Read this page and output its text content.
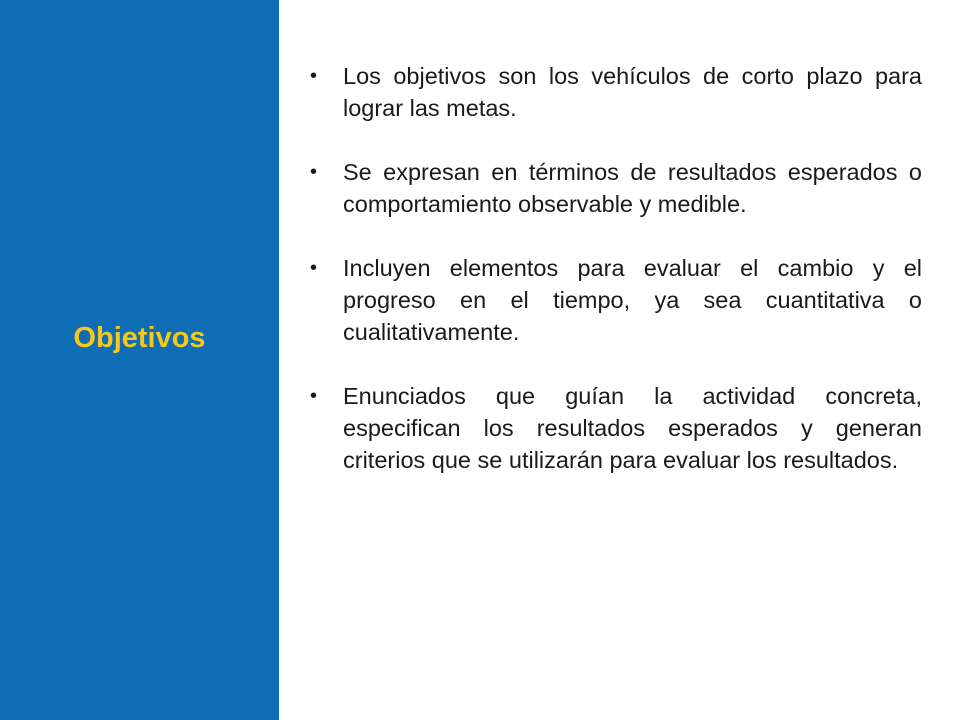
Objetivos
• Los objetivos son los vehículos de corto plazo para lograr las metas.
• Se expresan en términos de resultados esperados o comportamiento observable y medible.
• Incluyen elementos para evaluar el cambio y el progreso en el tiempo, ya sea cuantitativa o cualitativamente.
• Enunciados que guían la actividad concreta, especifican los resultados esperados y generan criterios que se utilizarán para evaluar los resultados.
